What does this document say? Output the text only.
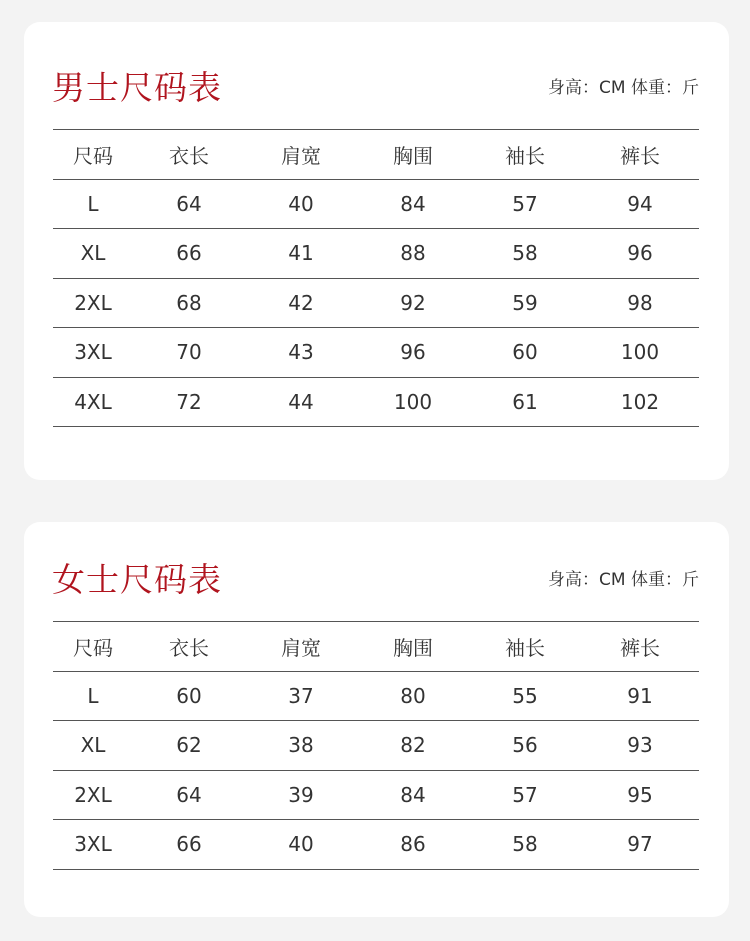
男士尺码表	身高：CM 体重：斤
尺码	衣长	肩宽	胸围	袖长	裤长
L	64	40	84	57	94
XL	66	41	88	58	96
2XL	68	42	92	59	98
3XL	70	43	96	60	100
4XL	72	44	100	61	102
女士尺码表	身高：CM 体重：斤
尺码	衣长	肩宽	胸围	袖长	裤长
L	60	37	80	55	91
XL	62	38	82	56	93
2XL	64	39	84	57	95
3XL	66	40	86	58	97
